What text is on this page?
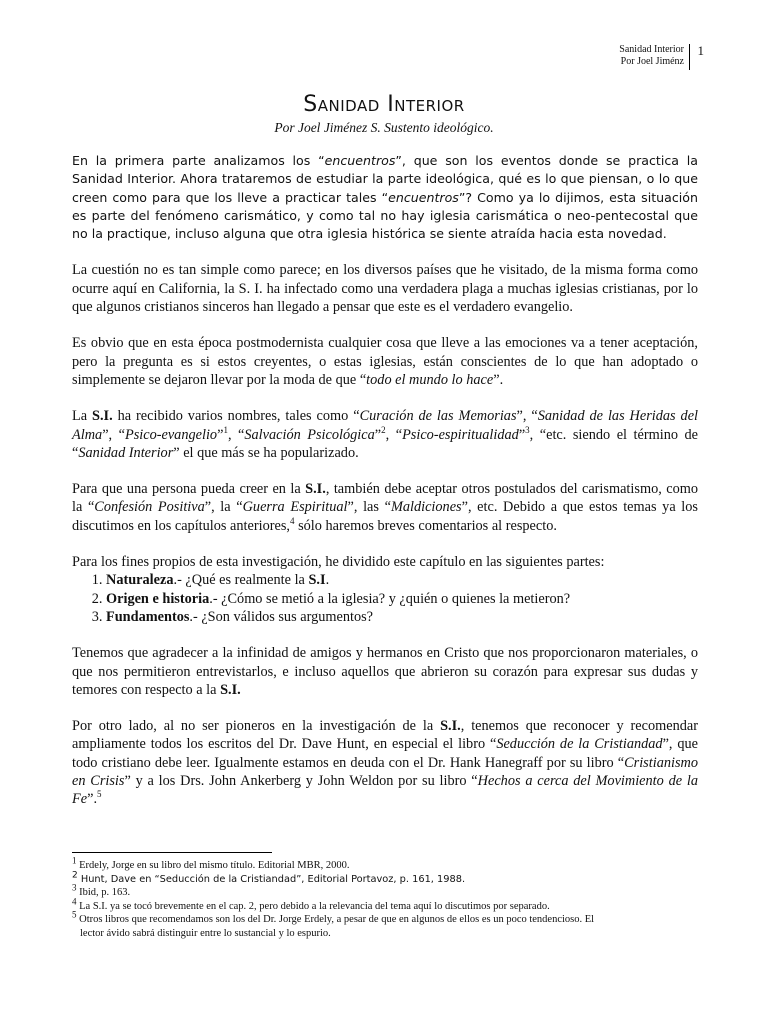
Sanidad Interior
Por Joel Jiménz
1
Sanidad Interior
Por Joel Jiménez S. Sustento ideológico.

En la primera parte analizamos los “encuentros”, que son los eventos donde se practica la Sanidad Interior. Ahora trataremos de estudiar la parte ideológica, qué es lo que piensan, o lo que creen como para que los lleve a practicar tales “encuentros”? Como ya lo dijimos, esta situación es parte del fenómeno carismático, y como tal no hay iglesia carismática o neo-pentecostal que no la practique, incluso alguna que otra iglesia histórica se siente atraída hacia esta novedad.

La cuestión no es tan simple como parece; en los diversos países que he visitado, de la misma forma como ocurre aquí en California, la S. I. ha infectado como una verdadera plaga a muchas iglesias cristianas, por lo que algunos cristianos sinceros han llegado a pensar que este es el verdadero evangelio.

Es obvio que en esta época postmodernista cualquier cosa que lleve a las emociones va a tener aceptación, pero la pregunta es si estos creyentes, o estas iglesias, están conscientes de lo que han adoptado o simplemente se dejaron llevar por la moda de que “todo el mundo lo hace”.

La S.I. ha recibido varios nombres, tales como “Curación de las Memorias”, “Sanidad de las Heridas del Alma”, “Psico-evangelio”$^1$, “Salvación Psicológica”$^2$, “Psico-espiritualidad”$^3$, “etc. siendo el término de “Sanidad Interior” el que más se ha popularizado.

Para que una persona pueda creer en la S.I., también debe aceptar otros postulados del carismatismo, como la “Confesión Positiva”, la “Guerra Espiritual”, las “Maldiciones”, etc. Debido a que estos temas ya los discutimos en los capítulos anteriores,$^4$ sólo haremos breves comentarios al respecto.

Para los fines propios de esta investigación, he dividido este capítulo en las siguientes partes:

1. Naturaleza.- ¿Qué es realmente la S.I.
2. Origen e historia.- ¿Cómo se metió a la iglesia? y ¿quién o quienes la metieron?
3. Fundamentos.- ¿Son válidos sus argumentos?

Tenemos que agradecer a la infinidad de amigos y hermanos en Cristo que nos proporcionaron materiales, o que nos permitieron entrevistarlos, e incluso aquellos que abrieron su corazón para expresar sus dudas y temores con respecto a la S.I.

Por otro lado, al no ser pioneros en la investigación de la S.I., tenemos que reconocer y recomendar ampliamente todos los escritos del Dr. Dave Hunt, en especial el libro “Seducción de la Cristiandad”, que todo cristiano debe leer. Igualmente estamos en deuda con el Dr. Hank Hanegraff por su libro “Cristianismo en Crisis” y a los Drs. John Ankerberg y John Weldon por su libro “Hechos a cerca del Movimiento de la Fe”.$^5$

$^1$ Erdely, Jorge en su libro del mismo título. Editorial MBR, 2000.
$^2$ Hunt, Dave en “Seducción de la Cristiandad”, Editorial Portavoz, p. 161, 1988.
$^3$ Ibid, p. 163.
$^4$ La S.I. ya se tocó brevemente en el cap. 2, pero debido a la relevancia del tema aquí lo discutimos por separado.
$^5$ Otros libros que recomendamos son los del Dr. Jorge Erdely, a pesar de que en algunos de ellos es un poco tendencioso. El
lector ávido sabrá distinguir entre lo sustancial y lo espurio.
